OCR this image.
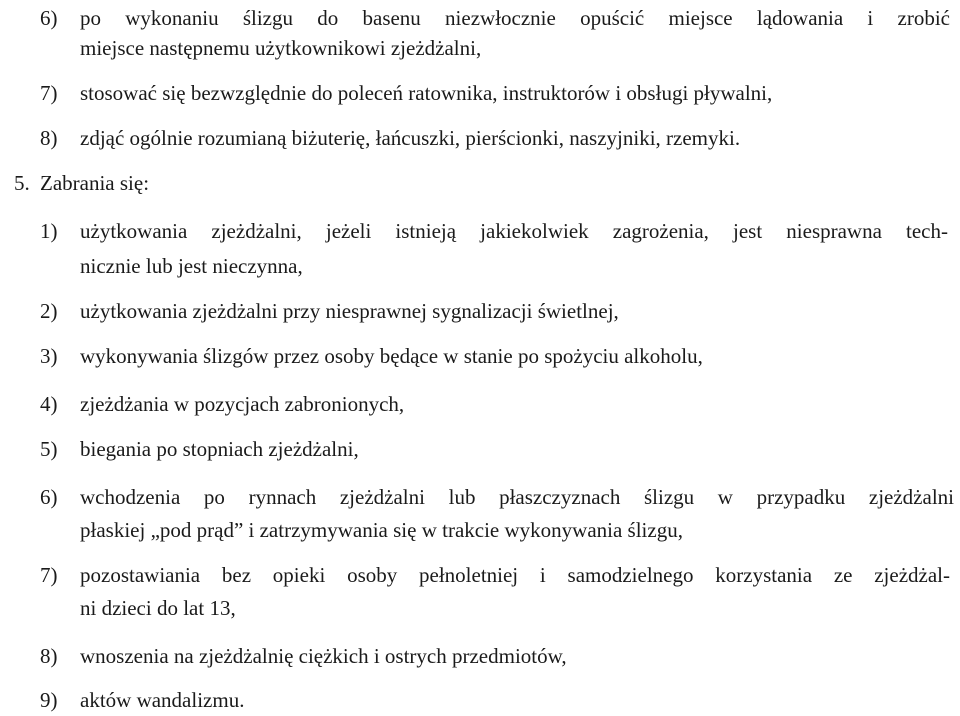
6) po wykonaniu ślizgu do basenu niezwłocznie opuścić miejsce lądowania i zrobić
miejsce następnemu użytkownikowi zjeżdżalni,
7) stosować się bezwzględnie do poleceń ratownika, instruktorów i obsługi pływalni,
8) zdjąć ogólnie rozumianą biżuterię, łańcuszki, pierścionki, naszyjniki, rzemyki.
5. Zabrania się:
1) użytkowania zjeżdżalni, jeżeli istnieją jakiekolwiek zagrożenia, jest niesprawna tech-
nicznie lub jest nieczynna,
2) użytkowania zjeżdżalni przy niesprawnej sygnalizacji świetlnej,
3) wykonywania ślizgów przez osoby będące w stanie po spożyciu alkoholu,
4) zjeżdżania w pozycjach zabronionych,
5) biegania po stopniach zjeżdżalni,
6) wchodzenia po rynnach zjeżdżalni lub płaszczyznach ślizgu w przypadku zjeżdżalni
płaskiej „pod prąd” i zatrzymywania się w trakcie wykonywania ślizgu,
7) pozostawiania bez opieki osoby pełnoletniej i samodzielnego korzystania ze zjeżdżal-
ni dzieci do lat 13,
8) wnoszenia na zjeżdżalnię ciężkich i ostrych przedmiotów,
9) aktów wandalizmu.
